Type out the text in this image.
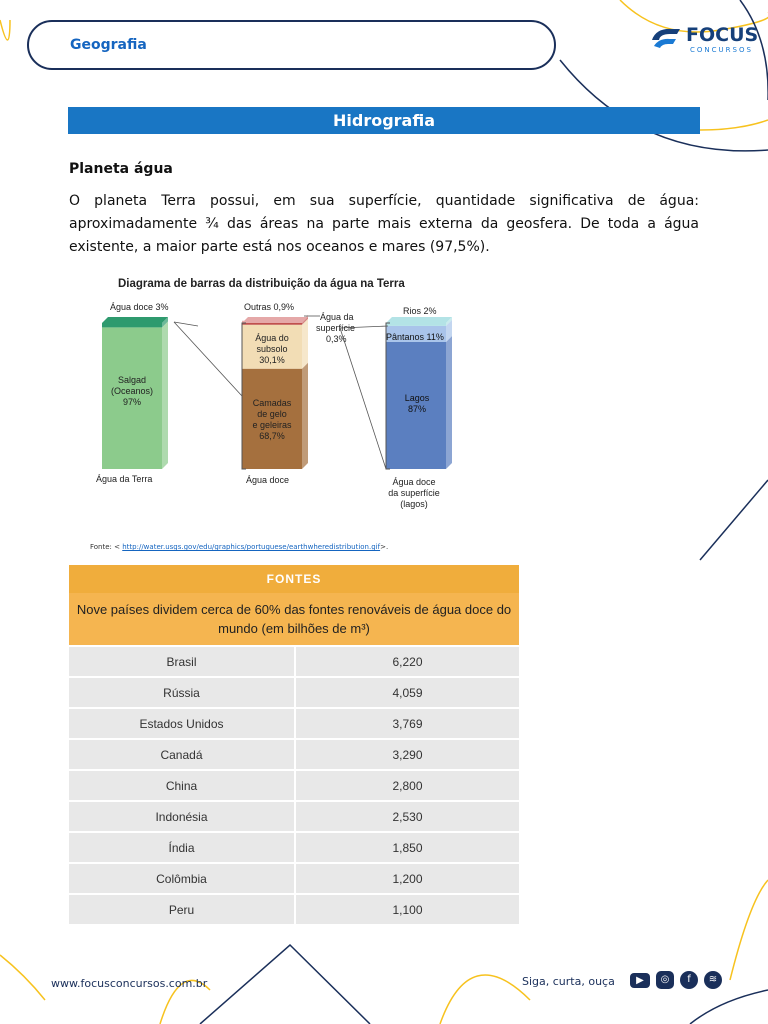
Geografia	FOCUS
CONCURSOS
Hidrografia
Planeta água
O planeta Terra possui, em sua superfície, quantidade significativa de água: aproximadamente ¾ das áreas na parte mais externa da geosfera. De toda a água existente, a maior parte está nos oceanos e mares (97,5%).
Diagrama de barras da distribuição da água na Terra
Água doce 3%
Salgad
(Oceanos)
97%
Água da Terra
Outras 0,9%
Água da
superfície
0,3%
Água do
subsolo
30,1%
Camadas
de gelo
e geleiras
68,7%
Água doce
Rios 2%
Pântanos 11%
Lagos
87%
Água doce
da superfície
(lagos)
Fonte: < http://water.usgs.gov/edu/graphics/portuguese/earthwheredistribution.gif>.
FONTES	
Nove países dividem cerca de 60% das fontes renováveis de água doce do mundo (em bilhões de m³)	
Brasil	6,220
Rússia	4,059
Estados Unidos	3,769
Canadá	3,290
China	2,800
Indonésia	2,530
Índia	1,850
Colômbia	1,200
Peru	1,100
www.focusconcursos.com.br	Siga, curta, ouça	▶	◎	f	≋
